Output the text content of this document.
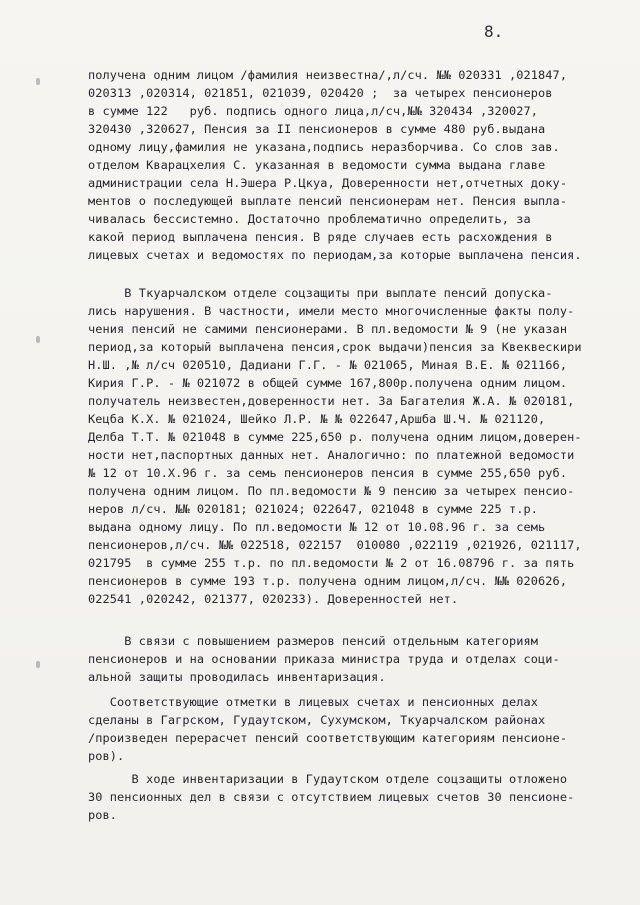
8.
получена одним лицом /фамилия неизвестна/,л/сч. №№ 020331 ,021847,
020313 ,020314, 021851, 021039, 020420 ;  за четырех пенсионеров
в сумме 122   руб. подпись одного лица,л/сч,№№ 320434 ,320027,
320430 ,320627, Пенсия за II пенсионеров в сумме 480 руб.выдана
одному лицу,фамилия не указана,подпись неразборчива. Со слов зав.
отделом Кварацхелия С. указанная в ведомости сумма выдана главе
администрации села Н.Эшера Р.Цкуа, Доверенности нет,отчетных доку-
ментов о последующей выплате пенсий пенсионерам нет. Пенсия выпла-
чивалась бессистемно. Достаточно проблематично определить, за
какой период выплачена пенсия. В ряде случаев есть расхождения в
лицевых счетах и ведомостях по периодам,за которые выплачена пенсия.
В Ткуарчалском отделе соцзащиты при выплате пенсий допуска-
лись нарушения. В частности, имели место многочисленные факты полу-
чения пенсий не самими пенсионерами. В пл.ведомости № 9 (не указан
период,за который выплачена пенсия,срок выдачи)пенсия за Квеквескири
Н.Ш. ,№ л/сч 020510, Дадиани Г.Г. - № 021065, Миная В.Е. № 021166,
Кирия Г.Р. - № 021072 в общей сумме 167,800р.получена одним лицом.
получатель неизвестен,доверенности нет. За Багателия Ж.А. № 020181,
Кецба К.Х. № 021024, Шейко Л.Р. № № 022647,Аршба Ш.Ч. № 021120,
Делба Т.Т. № 021048 в сумме 225,650 р. получена одним лицом,доверен-
ности нет,паспортных данных нет. Аналогично: по платежной ведомости
№ 12 от 10.Х.96 г. за семь пенсионеров пенсия в сумме 255,650 руб.
получена одним лицом. По пл.ведомости № 9 пенсию за четырех пенсио-
неров л/сч. №№ 020181; 021024; 022647, 021048 в сумме 225 т.р.
выдана одному лицу. По пл.ведомости № 12 от 10.08.96 г. за семь
пенсионеров,л/сч. №№ 022518, 022157  010080 ,022119 ,021926, 021117,
021795  в сумме 255 т.р. по пл.ведомости № 2 от 16.08796 г. за пять
пенсионеров в сумме 193 т.р. получена одним лицом,л/сч. №№ 020626,
022541 ,020242, 021377, 020233). Доверенностей нет.
В связи с повышением размеров пенсий отдельным категориям
пенсионеров и на основании приказа министра труда и отделах соци-
альной защиты проводилась инвентаризация.
Соответствующие отметки в лицевых счетах и пенсионных делах
сделаны в Гагрском, Гудаутском, Сухумском, Ткуарчалском районах
/произведен перерасчет пенсий соответствующим категориям пенсионе-
ров).
В ходе инвентаризации в Гудаутском отделе соцзащиты отложено
30 пенсионных дел в связи с отсутствием лицевых счетов 30 пенсионе-
ров.
